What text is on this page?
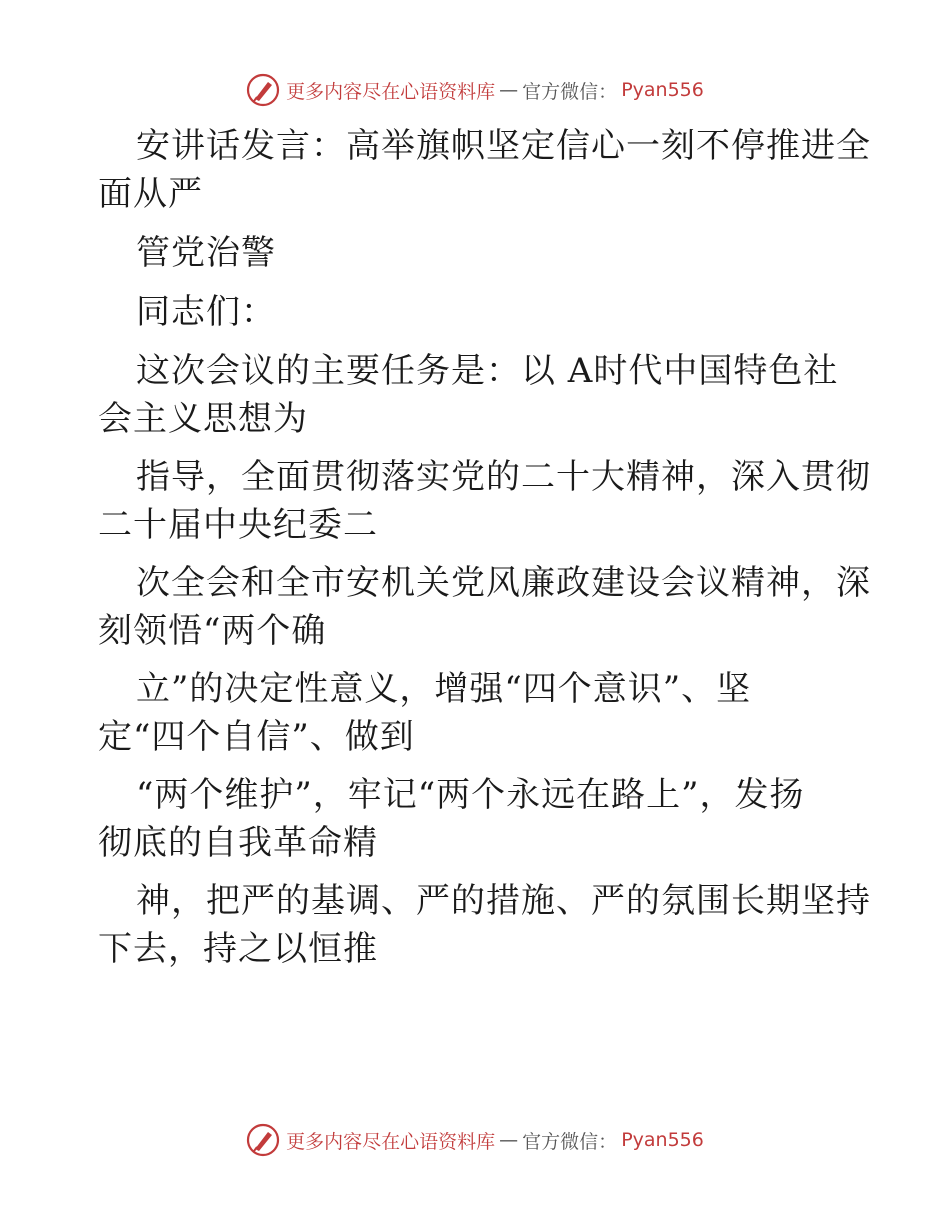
更多内容尽在心语资料库 — 官方微信： Pyan556
安讲话发言：高举旗帜坚定信心一刻不停推进全
面从严
管党治警
同志们：
这次会议的主要任务是：以 A时代中国特色社
会主义思想为
指导，全面贯彻落实党的二十大精神，深入贯彻
二十届中央纪委二
次全会和全市安机关党风廉政建设会议精神，深
刻领悟“两个确
立”的决定性意义，增强“四个意识”、坚
定“四个自信”、做到
“两个维护”，牢记“两个永远在路上”，发扬
彻底的自我革命精
神，把严的基调、严的措施、严的氛围长期坚持
下去，持之以恒推
更多内容尽在心语资料库 — 官方微信： Pyan556
